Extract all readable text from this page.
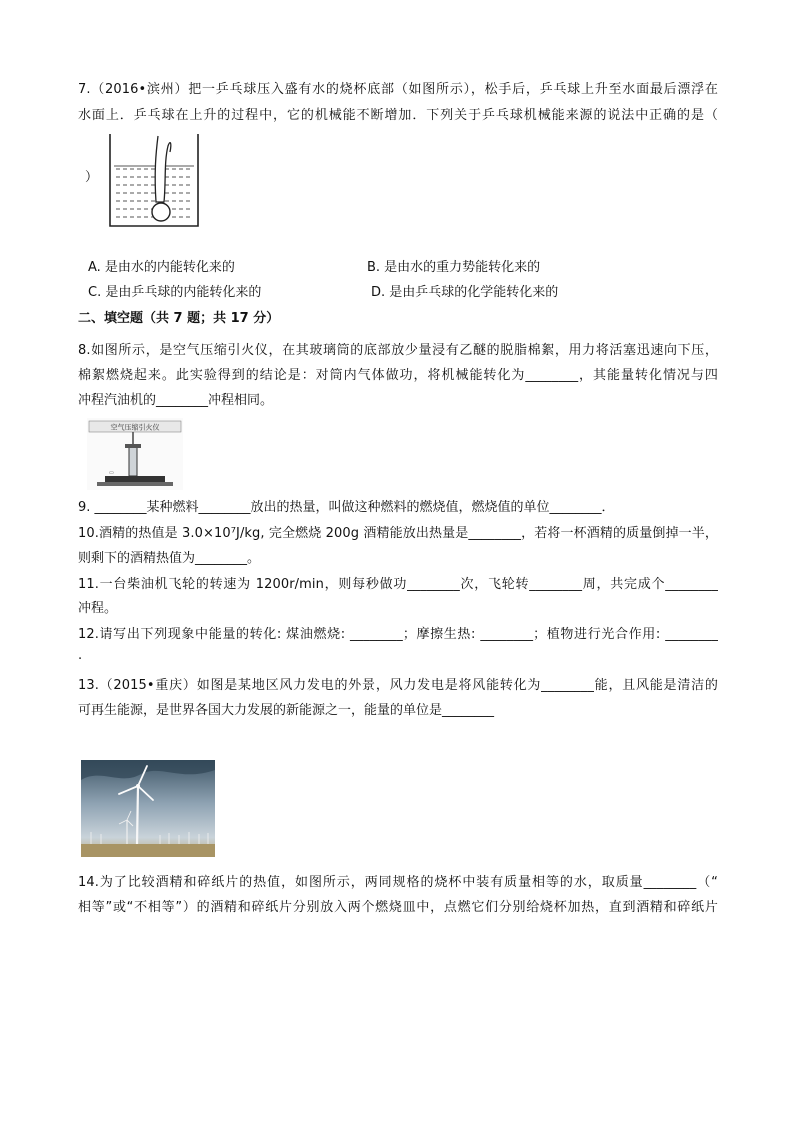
7.（2016•滨州）把一乒乓球压入盛有水的烧杯底部（如图所示），松手后，乒乓球上升至水面最后漂浮在
水面上．乒乓球在上升的过程中，它的机械能不断增加．下列关于乒乓球机械能来源的说法中正确的是（
）
A. 是由水的内能转化来的	B. 是由水的重力势能转化来的
C. 是由乒乓球的内能转化来的	D. 是由乒乓球的化学能转化来的
二、填空题（共 7 题；共 17 分）
8.如图所示，是空气压缩引火仪，在其玻璃筒的底部放少量浸有乙醚的脱脂棉絮，用力将活塞迅速向下压，
棉絮燃烧起来。此实验得到的结论是：对筒内气体做功，将机械能转化为________，其能量转化情况与四
冲程汽油机的________冲程相同。
空气压缩引火仪
▭
9. ________某种燃料________放出的热量，叫做这种燃料的燃烧值，燃烧值的单位________．
10.酒精的热值是 3.0×10⁷J/kg, 完全燃烧 200g 酒精能放出热量是________，若将一杯酒精的质量倒掉一半，
则剩下的酒精热值为________。
11.一台柴油机飞轮的转速为 1200r/min，则每秒做功________次，飞轮转________周，共完成个________
冲程。
12.请写出下列现象中能量的转化: 煤油燃烧: ________；摩擦生热: ________；植物进行光合作用: ________
.
13.（2015•重庆）如图是某地区风力发电的外景，风力发电是将风能转化为________能，且风能是清洁的
可再生能源，是世界各国大力发展的新能源之一，能量的单位是________
14.为了比较酒精和碎纸片的热值，如图所示，两同规格的烧杯中装有质量相等的水，取质量________（“
相等”或“不相等”）的酒精和碎纸片分别放入两个燃烧皿中，点燃它们分别给烧杯加热，直到酒精和碎纸片
